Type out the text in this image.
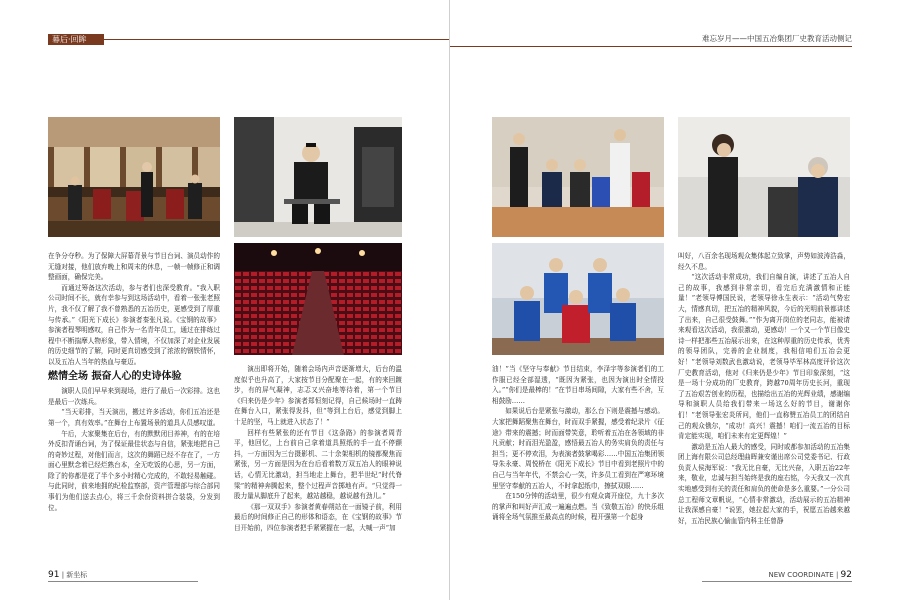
幕后·回眸

在争分夺秒。为了保障大屏幕背景与节目台词、演员动作的无缝对接，他们放弃晚上和周末的休息，一帧一帧修正和调整画面，确保完美。

而通过筹备这次活动，参与者们也深受教育。“我入职公司时间不长，就有幸参与到这场活动中，看着一张张老照片，我不仅了解了我不曾熟悉的五冶历史，更感受到了厚重与传承。”《阳光下成长》参演者秦张凡说。《宝钢的故事》参演者程琴明感叹，自己作为一名青年员工，通过在排练过程中不断揣摩人物形象，带入情境，不仅加深了对企业发展的历史细节的了解，同时更真切感受到了浓浓的钢铁情怀，以及五冶人当年的热血与豪迈。

燃情全场 振奋人心的史诗体验

演职人员们早早来到现场，进行了最后一次彩排。这也是最后一次练兵。

“当天彩排，当天演出，搬过许多活动，你们五冶还是第一个，真有效率。”在舞台上布置场景的道具人员感叹道。

午后，大家聚集在后台，有的默默闭目养神，有的在培外反扣背诵台词，为了保证最佳状态与自信，紧张地把自己的奇妙过程，对他们而言，这次的舞蹈已经不存在了，一方面心里默念着已经烂熟台本，全无吃饭的心思，另一方面，除了的你都是花了半个多小时精心完成的，不敢轻易触碰。与此同时，前来地拥的纪检监察部，资产管理部与综合部同事们为他们送去点心，将三千余份资料拼合装袋，分发到位。

演出即将开始，随着会场内声音逐渐增大，后台的温度似乎也升高了，大家按节目分配聚在一起，有的来回踱步，有的屏气凝神，志忑又兴奋地等待着，第一个节目《归来仍是少年》参演者郑恒刻记得，自己候场时一直踌在舞台入口，紧张得发抖，但“等到上台后，感觉到脚上十足的坚，马上就进入状态了！”

回样有些紧张的还有节目《这条路》的参演者周青平，他回忆，上台前自己拿着道具照纸的手一直不停颤抖，一方面因为三台摄影机、二十余架相机的镜都聚焦而紧张，另一方面是因为在台后看着数万双五冶人的眼神说话，心情无比激动，担当地走上舞台，把半世纪“时代脊梁”的精神奔腾起来，整个过程声音掷地有声。“只觉得一股力量从脚底升了起来，越站越稳，越说越有劲儿。”

《那一双双手》参演者黄春朔站在一面镜子前，利用最后的时间修正自己的形体和语态，在《宝钢的故事》节目开始前，四位参演者把手紧紧握在一起，大喊一声“加

91 | 新坐标
难忘岁月——中国五冶集团厂史教育活动侧记

油！”当《坚守与奉献》节目结束，李泽宇等参演者们的工作服已经全部湿透，“既因为紧张，也因为演出时全情投入。”“你们是最棒的！”在节目串场间隙，大家有些不舍，互相鼓励……

如果说后台是紧张与激动，那么台下则是震撼与感动。大家把舞蹈聚焦在舞台，时而双手紧握，感受着纪录片《征途》带来的震撼；时而面带笑意，聆听着五冶在各领域的非凡贡献；时而泪光盈盈，感悟最五冶人的务实肩负的责任与担当；更不停欢泪，为表演者鼓掌喝彩……中国五冶集团领导朱永豪、周悦桥在《阳光下成长》节目中看到老照片中的自己与当年年代，不禁会心一笑，许多员工看到在严寒环境里坚守奉献的五冶人，不时拿起纸巾，擦拭双眼……

在150分钟的活动里，很少有观众离开座位，九十多次的掌声和叫好声汇成一遍遍点燃。当《致敬五冶》的快乐组诵将全场气氛推至最高点的时候，程开强第一个起身

叫好，八百余名现场观众集体起立致掌，声势如波涛浩淼，经久不息。

“这次活动非常成功，我们自编自演，讲述了五冶人自己的故事，我感到非常亲切，看完后充满激情和正能量！”老领导傅国民说，老领导徐永生表示：“活动气势宏大，情感真切，把五冶的精神风貌，今后的光明前景都讲述了出来，自己很受鼓舞。”“作为离开岗位的老同志，能被请来观看这次活动，我很激动，更感动！一个又一个节目像史诗一样把那些五冶展示出来，在这种厚重的历史传承，优秀的领导团队，完善的企业制度，我相信咱们五冶会更好！”老领导刘数武也激动说，老领导毕军林高度评价这次厂史教育活动，他对《归来仍是少年》节目印象深刻，“这是一场十分成功的厂史教育，跨越70周年历史长河，重现了五冶艰苦创业的历程，也描绘出五冶的光辉业绩，感谢编导和演职人员给我们带来一场这么好的节目，谢谢你们！”老领导张宏炎所问，他们一直称赞五冶员工的团结自己的观众俄尔，“成功！高兴！震撼！咱们一流五冶的目标肯定能实现，咱们未来有定更辉煌！”

激动是五冶人最大的感受，同时或都参加活动的五冶集团上海有限公司总经理曲晖兼安谨出席公司党委书记、行政负责人侯海军说：“我无比自豪，无比兴奋，入职五冶22年来，敬业，忠诚与担当始终是我的座右铭，今天我又一次真实地感受到有关的责任和肩负的使命是多么重要。”一分公司总工程师文章帆说，“心情非常激动，活动展示的五冶精神让我深感自豪！”说罢，她拉起大家的手，祝愿五冶越来越好，五冶民族心愉血管内科主任曾静

NEW COORDINATE | 92
